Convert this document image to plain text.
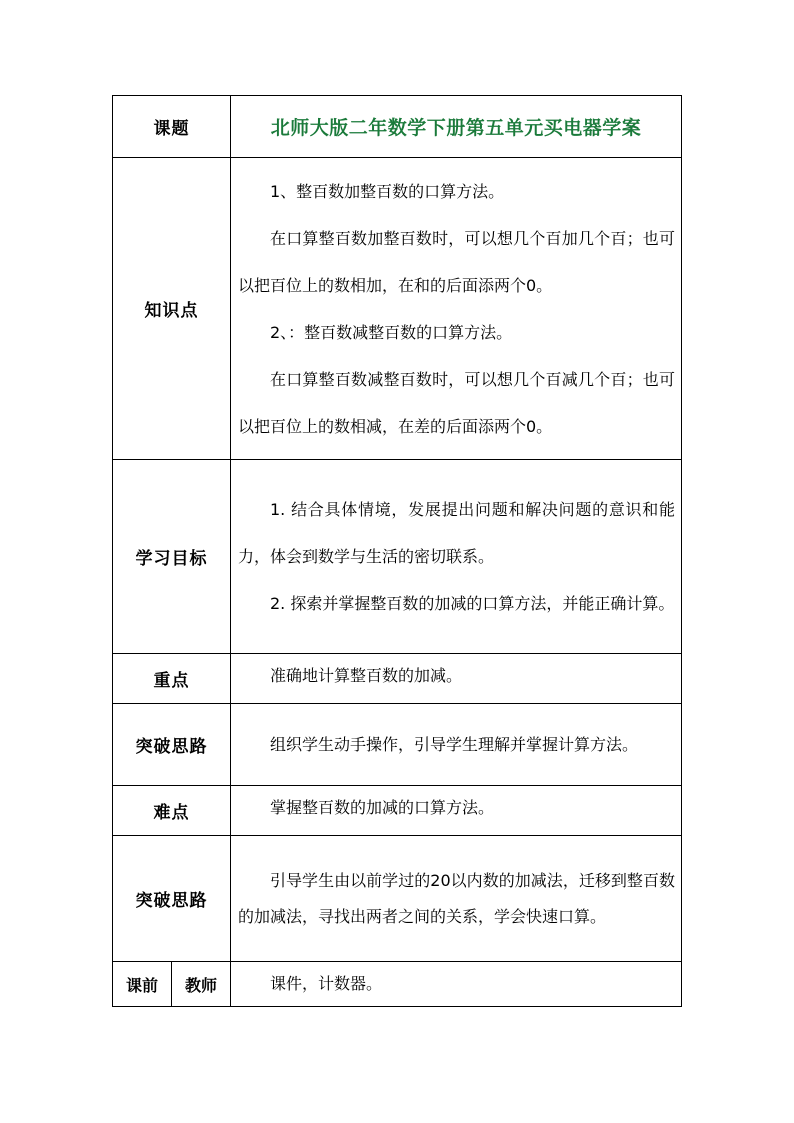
课题		北师大版二年数学下册第五单元买电器学案
知识点		1、整百数加整百数的口算方法。

在口算整百数加整百数时，可以想几个百加几个百；也可以把百位上的数相加，在和的后面添两个0。

2、：整百数减整百数的口算方法。

在口算整百数减整百数时，可以想几个百减几个百；也可以把百位上的数相减，在差的后面添两个0。

学习目标		1. 结合具体情境，发展提出问题和解决问题的意识和能力，体会到数学与生活的密切联系。

2. 探索并掌握整百数的加减的口算方法，并能正确计算。

重点		准确地计算整百数的加减。

突破思路		组织学生动手操作，引导学生理解并掌握计算方法。

难点		掌握整百数的加减的口算方法。

突破思路		引导学生由以前学过的20以内数的加减法，迁移到整百数的加减法，寻找出两者之间的关系，学会快速口算。

课前	教师	课件，计数器。
